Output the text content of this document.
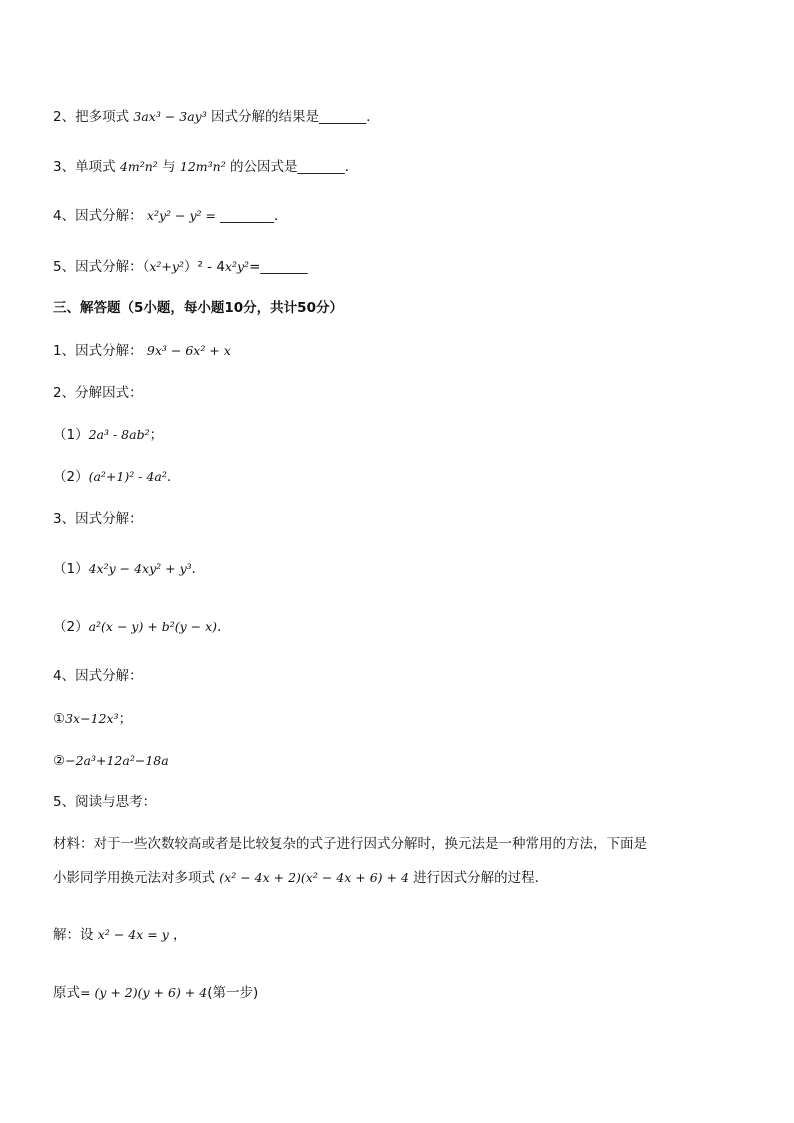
2、把多项式 3ax³ − 3ay³ 因式分解的结果是_______．
3、单项式 4m²n² 与 12m³n² 的公因式是_______．
4、因式分解： x²y² − y² = ________．
5、因式分解：（x²+y²）² - 4x²y²=_______
三、解答题（5小题，每小题10分，共计50分）
1、因式分解： 9x³ − 6x² + x
2、分解因式：
（1）2a³ - 8ab²；
（2）(a²+1)² - 4a².
3、因式分解：
（1）4x²y − 4xy² + y³．
（2）a²(x − y) + b²(y − x)．
4、因式分解：
①3x−12x³；
②−2a³+12a²−18a
5、阅读与思考：
材料：对于一些次数较高或者是比较复杂的式子进行因式分解时，换元法是一种常用的方法，下面是
小影同学用换元法对多项式 (x² − 4x + 2)(x² − 4x + 6) + 4 进行因式分解的过程．
解：设 x² − 4x = y ，
原式= (y + 2)(y + 6) + 4(第一步)
